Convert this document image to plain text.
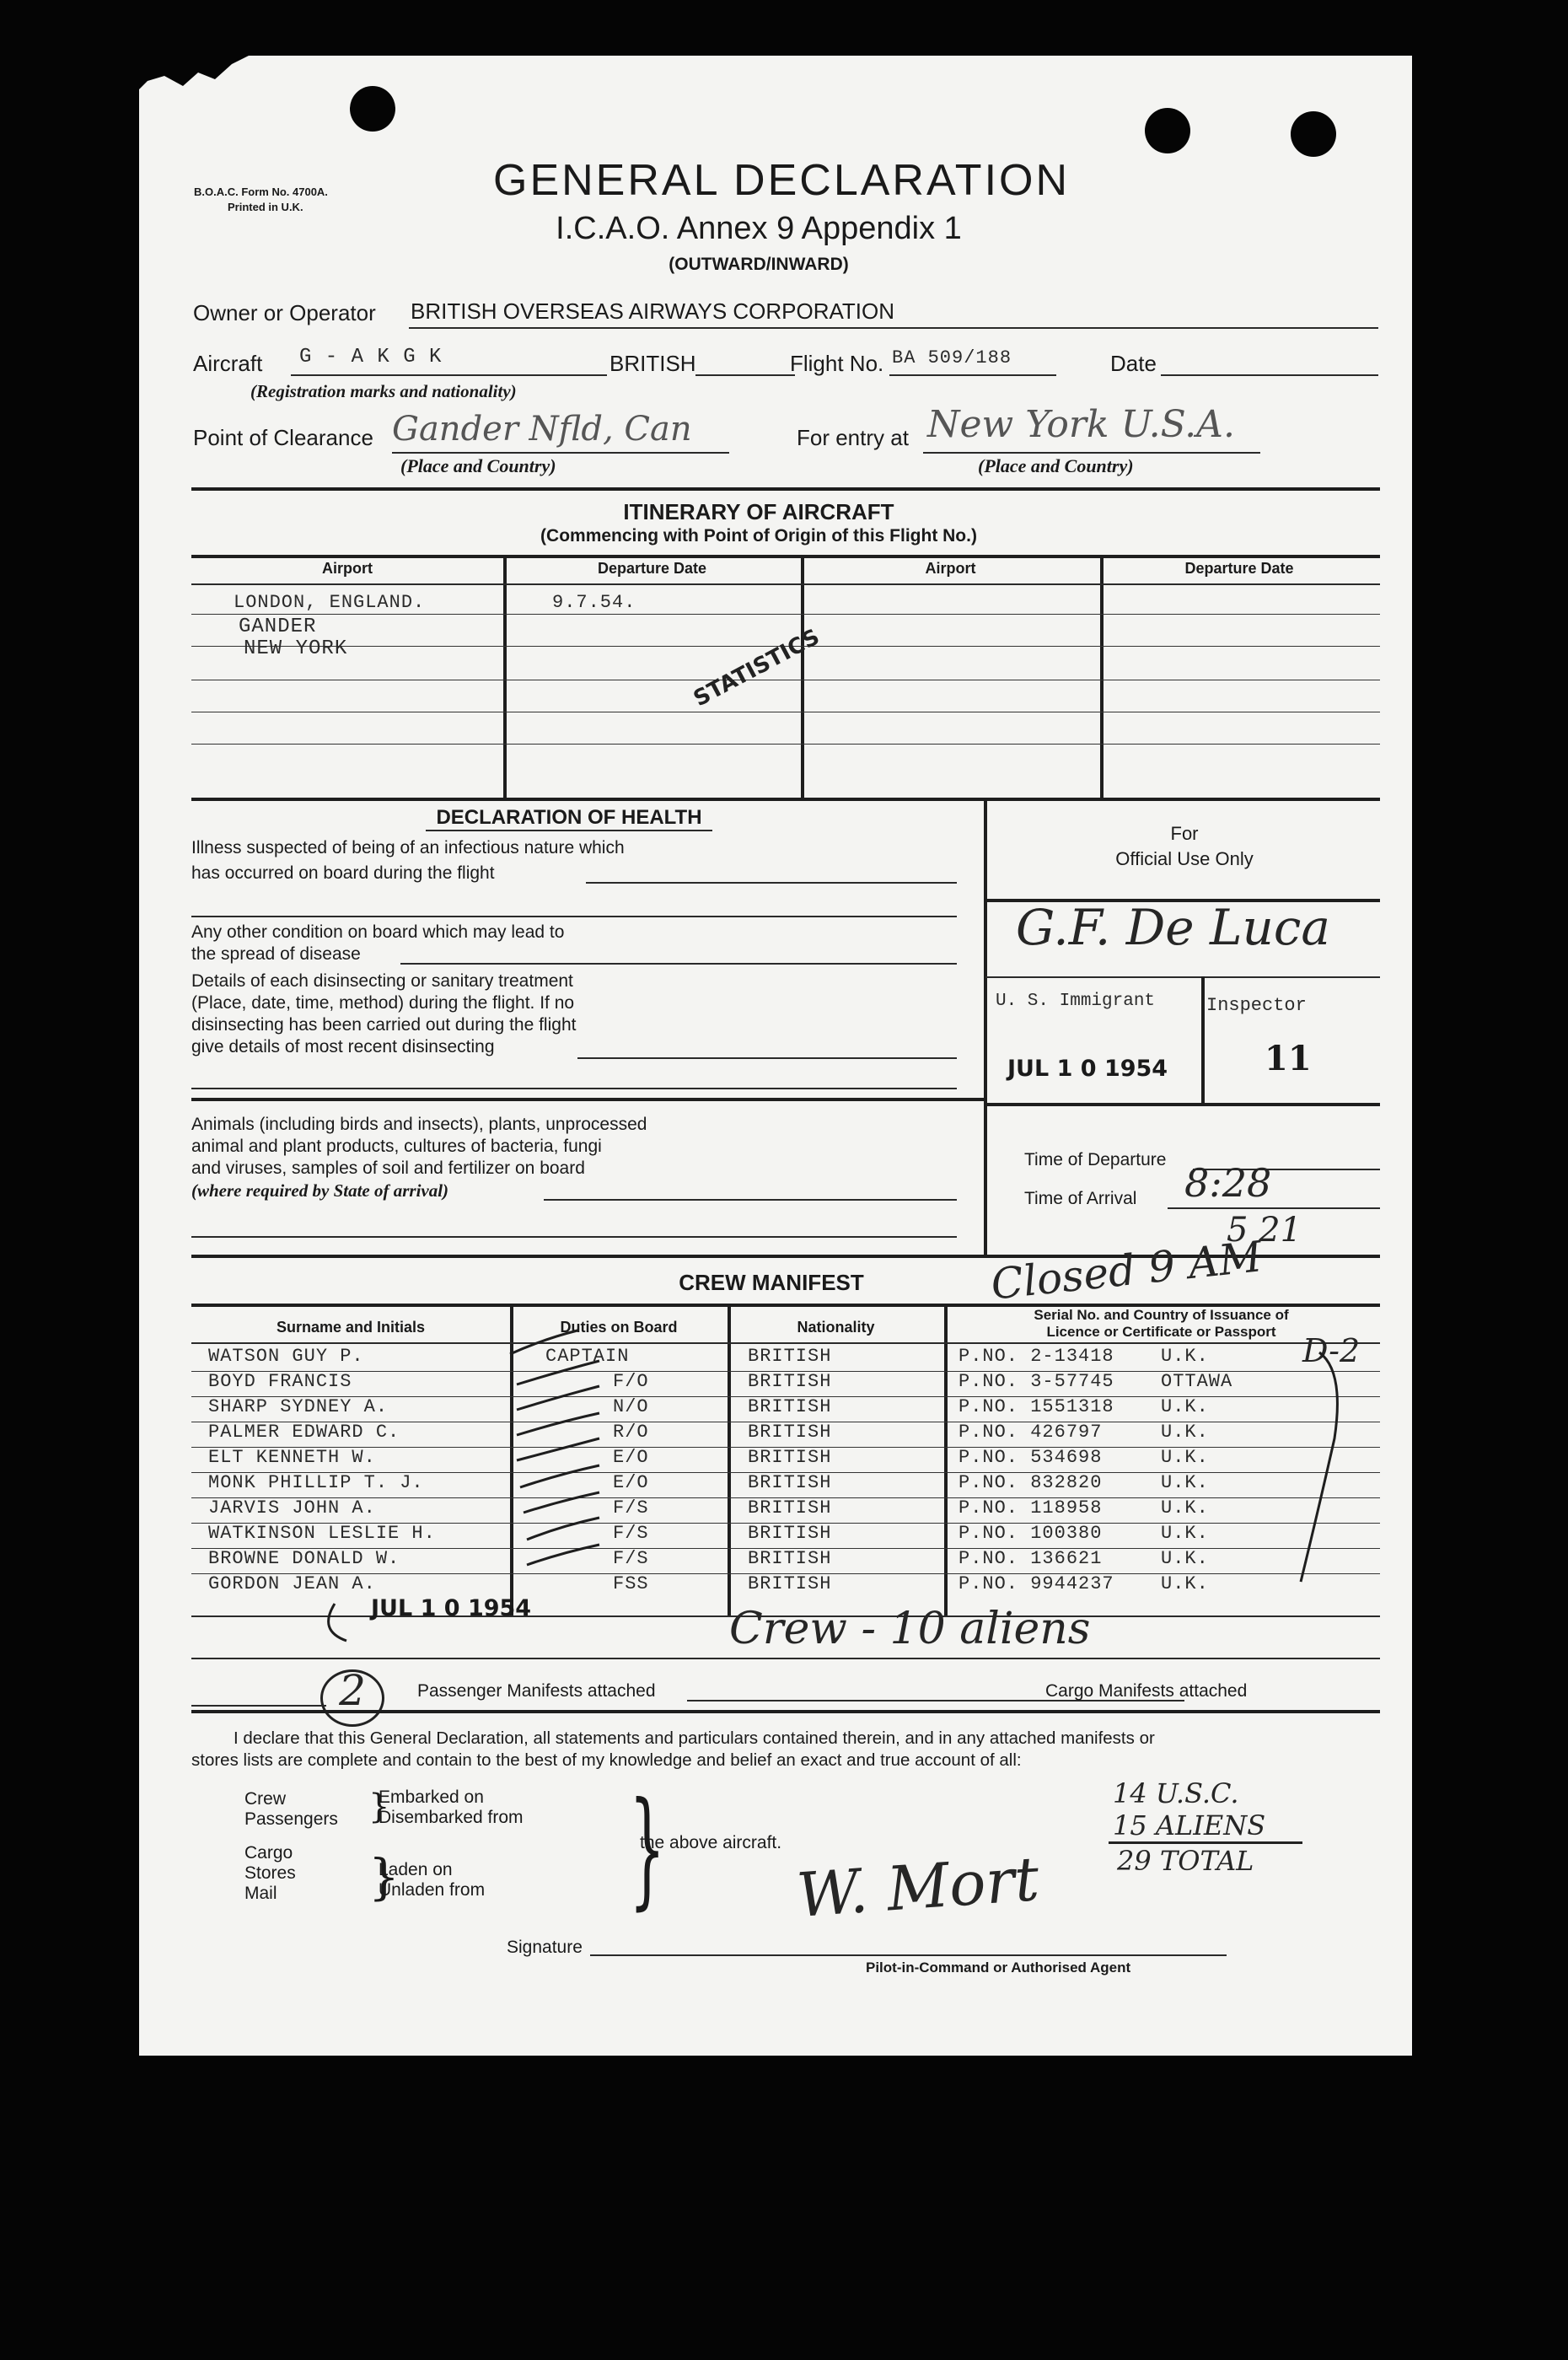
B.O.A.C. Form No. 4700A.
Printed in U.K.
GENERAL DECLARATION
I.C.A.O. Annex 9 Appendix 1
(OUTWARD/INWARD)
Owner or Operator BRITISH OVERSEAS AIRWAYS CORPORATION
Aircraft G - A K G K	BRITISH	Flight No. BA 509/188	Date
(Registration marks and nationality)
Point of Clearance Gander Nfld, Can	For entry at New York U.S.A.
(Place and Country)	(Place and Country)
ITINERARY OF AIRCRAFT
(Commencing with Point of Origin of this Flight No.)
Airport	Departure Date	Airport	Departure Date
LONDON, ENGLAND.	9.7.54.
GANDER
NEW YORK	STATISTICS
DECLARATION OF HEALTH
Illness suspected of being of an infectious nature which
has occurred on board during the flight
Any other condition on board which may lead to
the spread of disease
Details of each disinsecting or sanitary treatment
(Place, date, time, method) during the flight. If no
disinsecting has been carried out during the flight
give details of most recent disinsecting
Animals (including birds and insects), plants, unprocessed
animal and plant products, cultures of bacteria, fungi
and viruses, samples of soil and fertilizer on board
(where required by State of arrival)
For
Official Use Only
G.F. De Luca
U. S. Immigrant	Inspector
JUL 1 0 1954	11
Time of Departure
Time of Arrival 8:28
5 21
CREW MANIFEST	Closed 9 AM
Surname and Initials	Duties on Board	Nationality
Serial No. and Country of Issuance of
Licence or Certificate or Passport
D-2
WATSON GUY P.	CAPTAIN	BRITISH	P.NO. 2-13418	U.K.
BOYD FRANCIS	F/O	BRITISH	P.NO. 3-57745	OTTAWA
SHARP SYDNEY A.	N/O	BRITISH	P.NO. 1551318	U.K.
PALMER EDWARD C.	R/O	BRITISH	P.NO. 426797	U.K.
ELT KENNETH W.	E/O	BRITISH	P.NO. 534698	U.K.
MONK PHILLIP T. J.	E/O	BRITISH	P.NO. 832820	U.K.
JARVIS JOHN A.	F/S	BRITISH	P.NO. 118958	U.K.
WATKINSON LESLIE H.	F/S	BRITISH	P.NO. 100380	U.K.
BROWNE DONALD W.	F/S	BRITISH	P.NO. 136621	U.K.
GORDON JEAN A.	FSS	BRITISH	P.NO. 9944237	U.K.
JUL 1 0 1954	Crew - 10 aliens
2	Passenger Manifests attached	Cargo Manifests attached
I declare that this General Declaration, all statements and particulars contained therein, and in any attached manifests or
stores lists are complete and contain to the best of my knowledge and belief an exact and true account of all:
Crew
Passengers }
Embarked on
Disembarked from
Cargo
Stores
Mail }
Laden on
Unladen from }
the above aircraft.
14 U.S.C.
15 ALIENS
29 TOTAL
W. Mort
Signature
Pilot-in-Command or Authorised Agent
